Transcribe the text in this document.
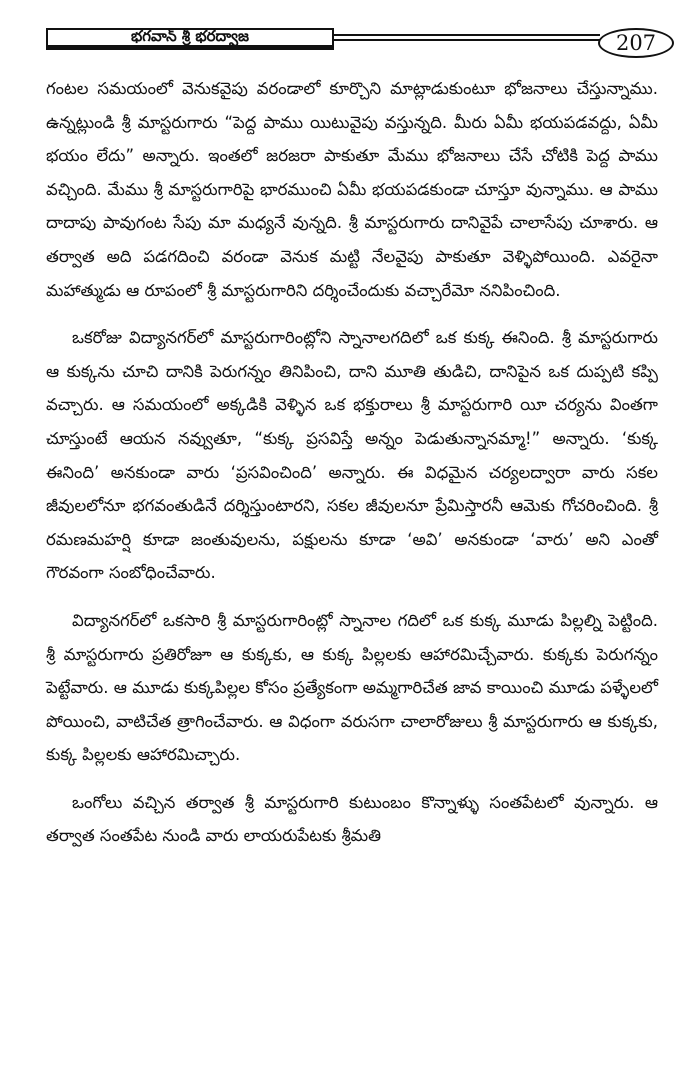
భగవాన్ శ్రీ భరద్వాజ	207

గంటల సమయంలో వెనుకవైపు వరండాలో కూర్చొని మాట్లాడుకుంటూ భోజనాలు చేస్తున్నాము. ఉన్నట్లుండి శ్రీ మాస్టరుగారు “పెద్ద పాము యిటువైపు వస్తున్నది. మీరు ఏమీ భయపడవద్దు, ఏమీ భయం లేదు” అన్నారు. ఇంతలో జరజరా పాకుతూ మేము భోజనాలు చేసే చోటికి పెద్ద పాము వచ్చింది. మేము శ్రీ మాస్టరుగారిపై భారముంచి ఏమీ భయపడకుండా చూస్తూ వున్నాము. ఆ పాము దాదాపు పావుగంట సేపు మా మధ్యనే వున్నది. శ్రీ మాస్టరుగారు దానివైపే చాలాసేపు చూశారు. ఆ తర్వాత అది పడగదించి వరండా వెనుక మట్టి నేలవైపు పాకుతూ వెళ్ళిపోయింది. ఎవరైనా మహాత్ముడు ఆ రూపంలో శ్రీ మాస్టరుగారిని దర్శించేందుకు వచ్చారేమో ననిపించింది.

ఒకరోజు విద్యానగర్‌లో మాస్టరుగారింట్లోని స్నానాలగదిలో ఒక కుక్క ఈనింది. శ్రీ మాస్టరుగారు ఆ కుక్కను చూచి దానికి పెరుగన్నం తినిపించి, దాని మూతి తుడిచి, దానిపైన ఒక దుప్పటి కప్పి వచ్చారు. ఆ సమయంలో అక్కడికి వెళ్ళిన ఒక భక్తురాలు శ్రీ మాస్టరుగారి యీ చర్యను వింతగా చూస్తుంటే ఆయన నవ్వుతూ, “కుక్క ప్రసవిస్తే అన్నం పెడుతున్నానమ్మా!” అన్నారు. ‘కుక్క ఈనింది’ అనకుండా వారు ‘ప్రసవించింది’ అన్నారు. ఈ విధమైన చర్యలద్వారా వారు సకల జీవులలోనూ భగవంతుడినే దర్శిస్తుంటారని, సకల జీవులనూ ప్రేమిస్తారనీ ఆమెకు గోచరించింది. శ్రీ రమణమహర్షి కూడా జంతువులను, పక్షులను కూడా ‘అవి’ అనకుండా ‘వారు’ అని ఎంతో గౌరవంగా సంబోధించేవారు.

విద్యానగర్‌లో ఒకసారి శ్రీ మాస్టరుగారింట్లో స్నానాల గదిలో ఒక కుక్క మూడు పిల్లల్ని పెట్టింది. శ్రీ మాస్టరుగారు ప్రతిరోజూ ఆ కుక్కకు, ఆ కుక్క పిల్లలకు ఆహారమిచ్చేవారు. కుక్కకు పెరుగన్నం పెట్టేవారు. ఆ మూడు కుక్కపిల్లల కోసం ప్రత్యేకంగా అమ్మగారిచేత జావ కాయించి మూడు పళ్ళేలలో పోయించి, వాటిచేత త్రాగించేవారు. ఆ విధంగా వరుసగా చాలారోజులు శ్రీ మాస్టరుగారు ఆ కుక్కకు, కుక్క పిల్లలకు ఆహారమిచ్చారు.

ఒంగోలు వచ్చిన తర్వాత శ్రీ మాస్టరుగారి కుటుంబం కొన్నాళ్ళు సంతపేటలో వున్నారు. ఆ తర్వాత సంతపేట నుండి వారు లాయరుపేటకు శ్రీమతి
